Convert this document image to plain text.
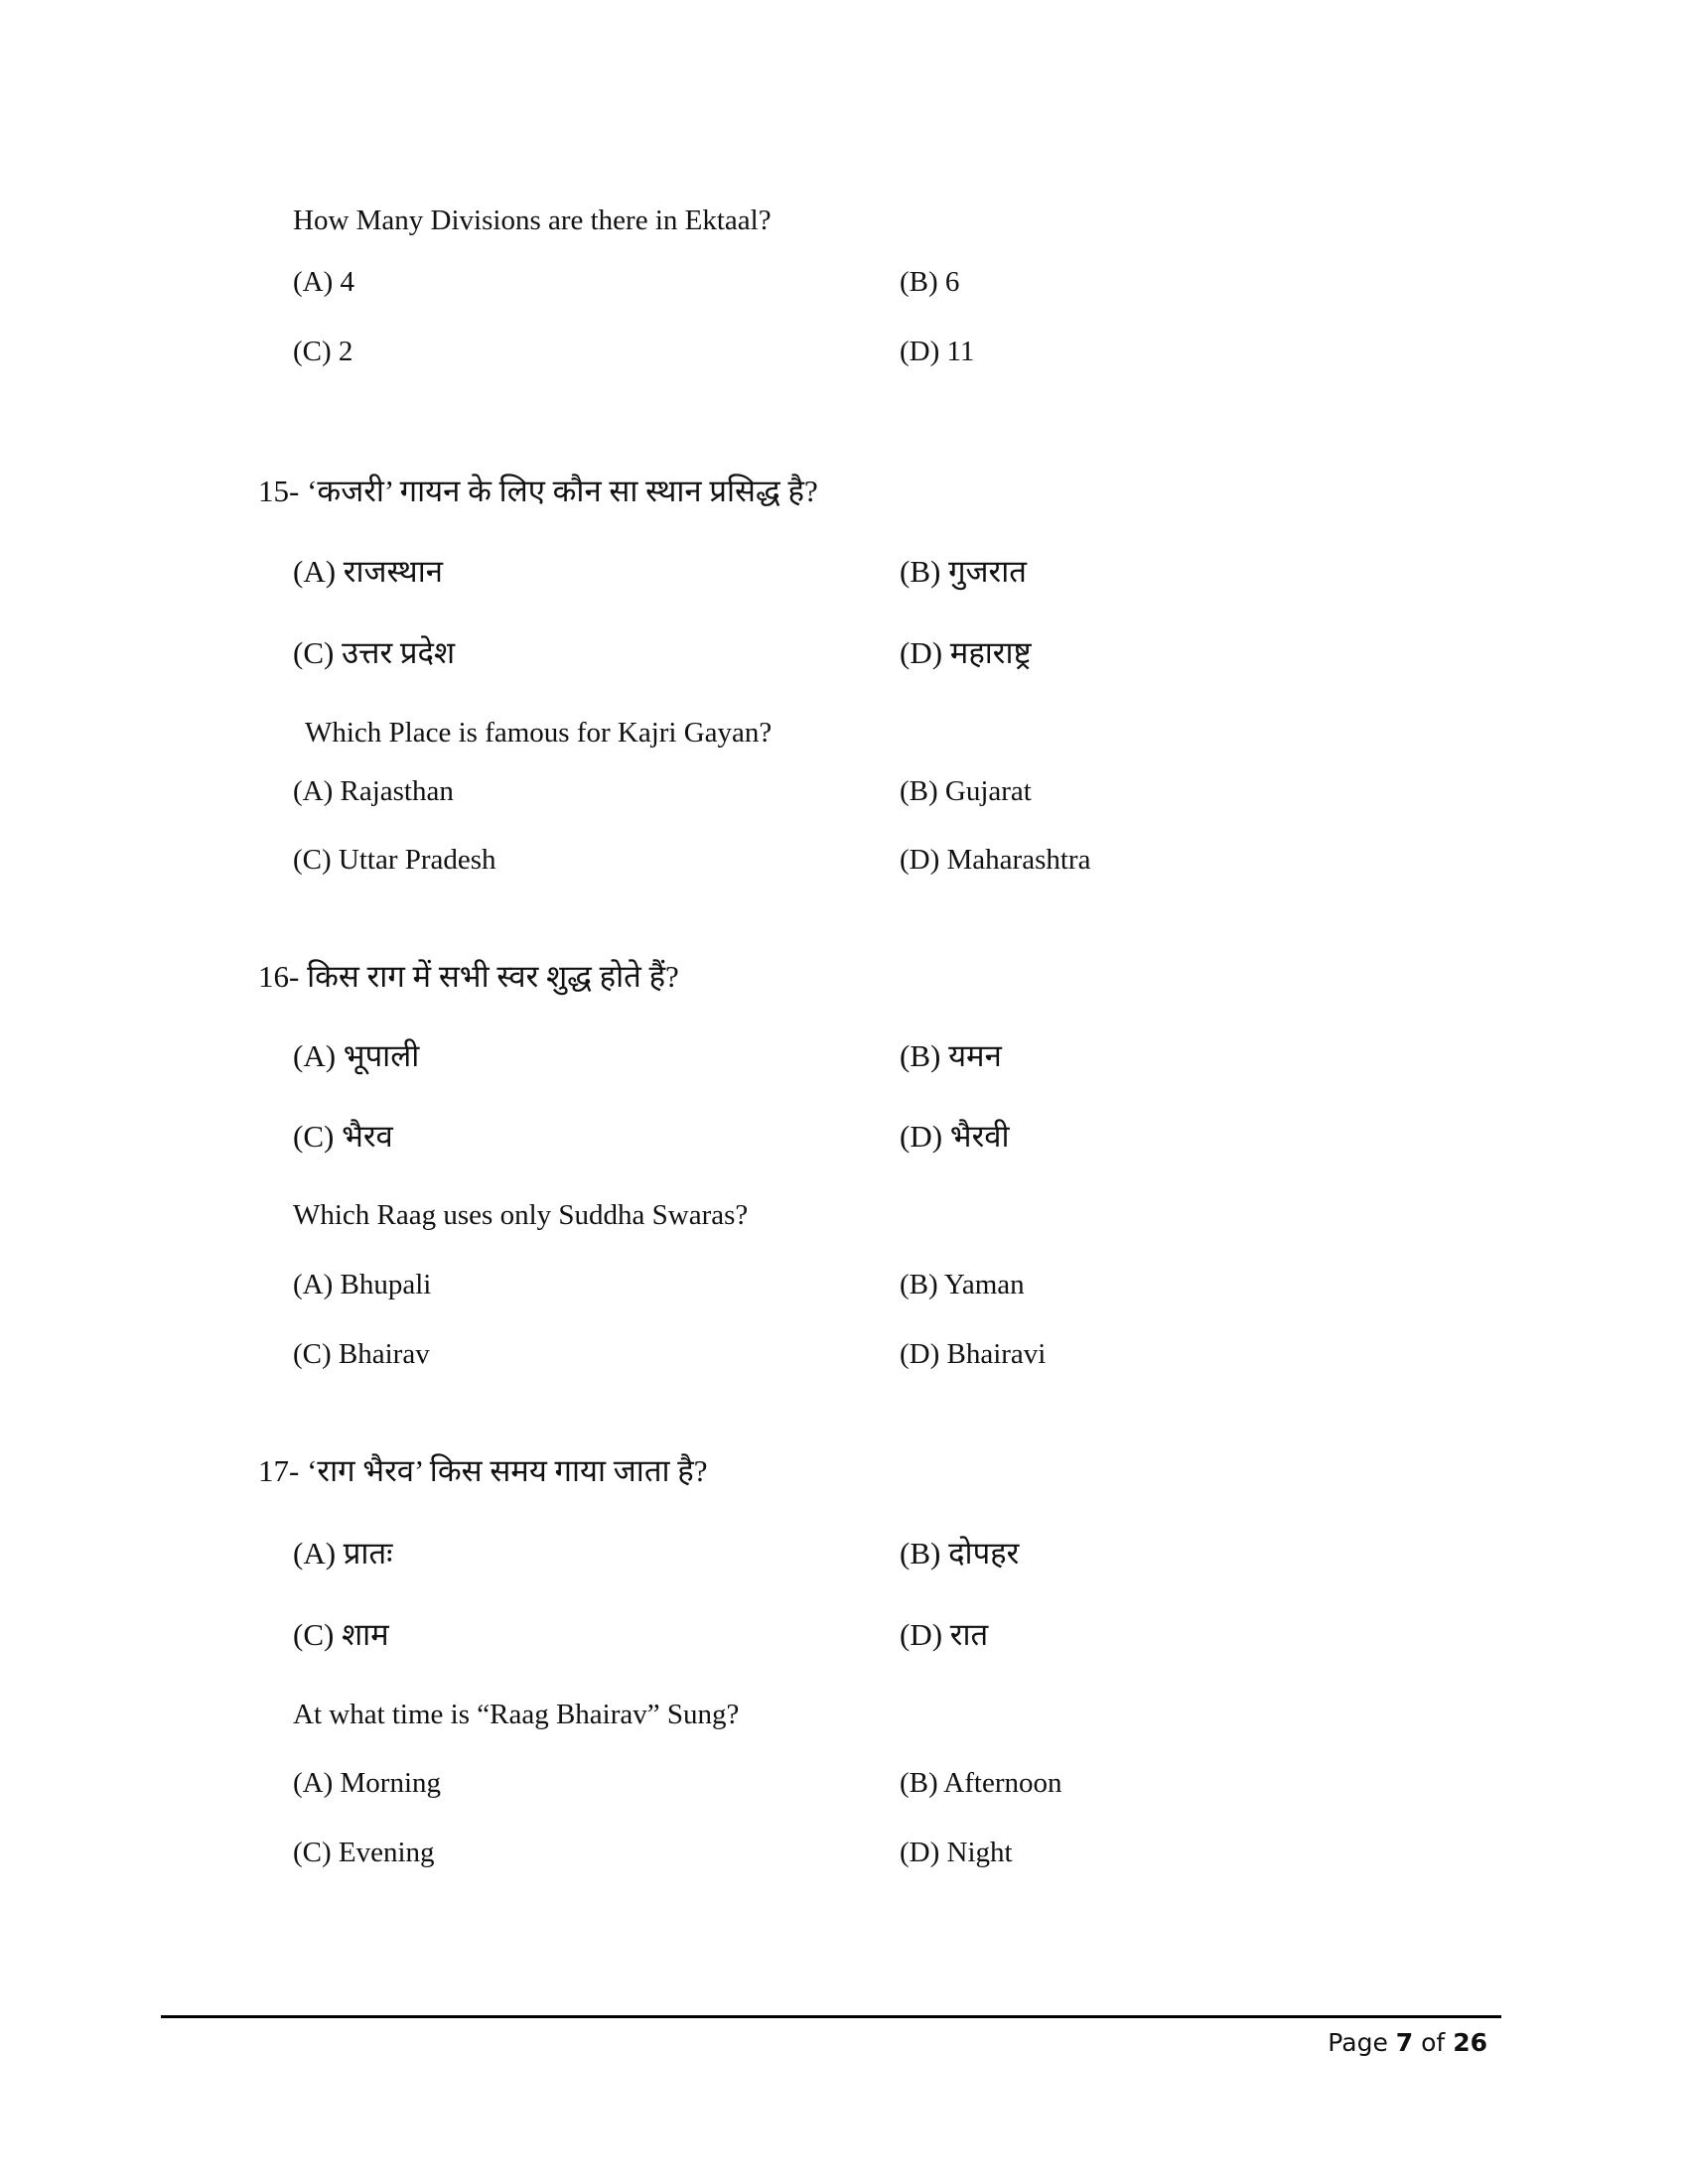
How Many Divisions are there in Ektaal?
(A) 4	(B) 6
(C) 2	(D) 11
15- ‘कजरी’ गायन के लिए कौन सा स्थान प्रसिद्ध है?
(A) राजस्थान	(B) गुजरात
(C) उत्तर प्रदेश	(D) महाराष्ट्र
Which Place is famous for Kajri Gayan?
(A) Rajasthan	(B) Gujarat
(C) Uttar Pradesh	(D) Maharashtra
16- किस राग में सभी स्वर शुद्ध होते हैं?
(A) भूपाली	(B) यमन
(C) भैरव	(D) भैरवी
Which Raag uses only Suddha Swaras?
(A) Bhupali	(B) Yaman
(C) Bhairav	(D) Bhairavi
17- ‘राग भैरव’ किस समय गाया जाता है?
(A) प्रातः	(B) दोपहर
(C) शाम	(D) रात
At what time is “Raag Bhairav” Sung?
(A) Morning	(B) Afternoon
(C) Evening	(D) Night
Page 7 of 26
